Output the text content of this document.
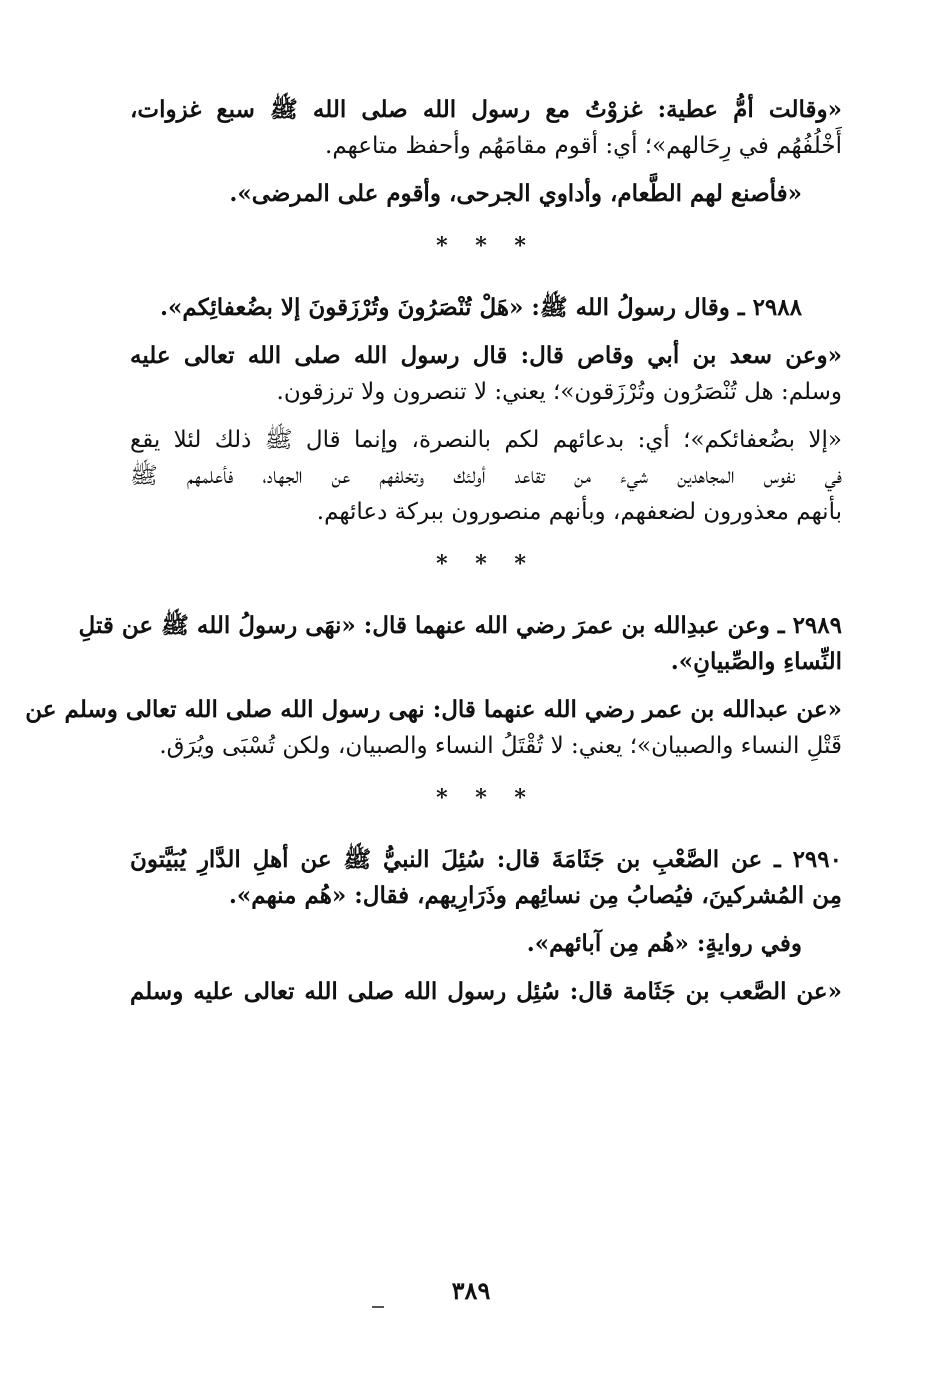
«وقالت أمُّ عطية: غزوْتُ مع رسول الله صلى الله ﷺ سبع غزوات،
أَخْلُفُهُم في رِحَالهم»؛ أي: أقوم مقامَهُم وأحفظ متاعهم.
«فأصنع لهم الطَّعام، وأداوي الجرحى، وأقوم على المرضى».
* * *
٢٩٨٨ ـ وقال رسولُ الله ﷺ: «هَلْ تُنْصَرُونَ وتُرْزَقونَ إلا بضُعفائِكم».
«وعن سعد بن أبي وقاص قال: قال رسول الله صلى الله تعالى عليه
وسلم: هل تُنْصَرُون وتُرْزَقون»؛ يعني: لا تنصرون ولا ترزقون.
«إلا بضُعفائكم»؛ أي: بدعائهم لكم بالنصرة، وإنما قال ﷺ ذلك لئلا يقع
في نفوس المجاهدين شيء من تقاعد أولئك وتخلفهم عن الجهاد، فأعلمهم ﷺ
بأنهم معذورون لضعفهم، وبأنهم منصورون ببركة دعائهم.
* * *
٢٩٨٩ ـ وعن عبدِالله بن عمرَ رضي الله عنهما قال: «نهَى رسولُ الله ﷺ عن قتلِ
النِّساءِ والصِّبيانِ».
«عن عبدالله بن عمر رضي الله عنهما قال: نهى رسول الله صلى الله تعالى وسلم عن
قَتْلِ النساء والصبيان»؛ يعني: لا تُقْتَلُ النساء والصبيان، ولكن تُسْبَى ويُرَق.
* * *
٢٩٩٠ ـ عن الصَّعْبِ بن جَثَامَةَ قال: سُئِلَ النبيُّ ﷺ عن أهلِ الدَّارِ يُبَيَّتونَ
مِن المُشركينَ، فيُصابُ مِن نسائِهم وذَرَارِيهم، فقال: «هُم منهم».
وفي روايةٍ: «هُم مِن آبائهم».
«عن الصَّعب بن جَثَامة قال: سُئِل رسول الله صلى الله تعالى عليه وسلم
٣٨٩
